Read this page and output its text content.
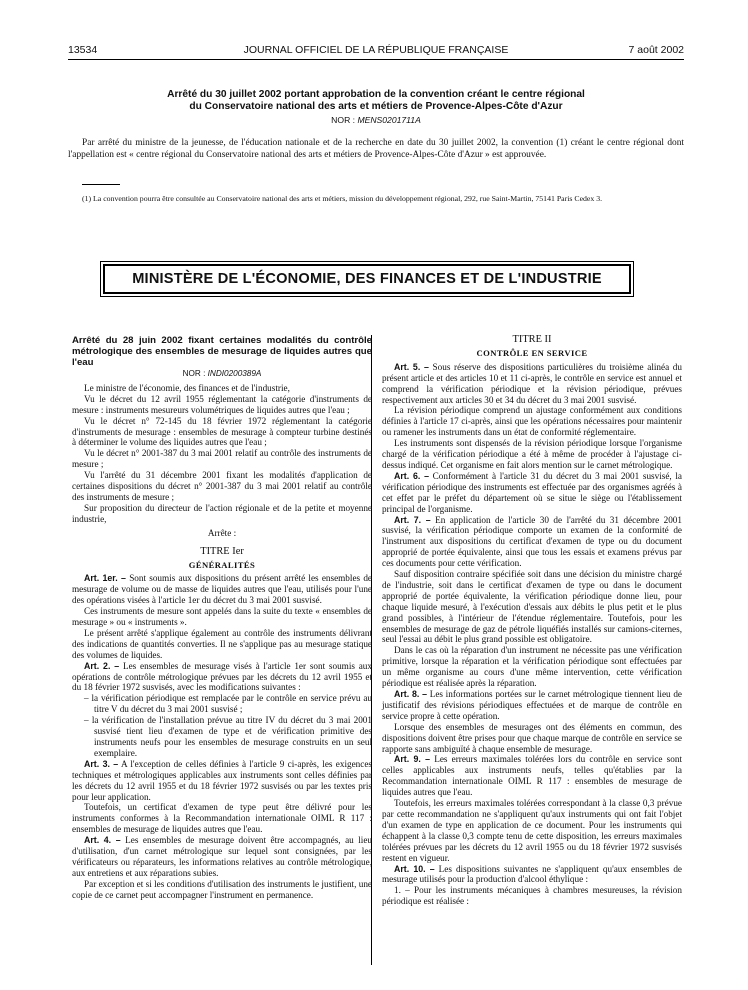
13534	JOURNAL OFFICIEL DE LA RÉPUBLIQUE FRANÇAISE	7 août 2002
Arrêté du 30 juillet 2002 portant approbation de la convention créant le centre régional
du Conservatoire national des arts et métiers de Provence-Alpes-Côte d'Azur
NOR : MENS0201711A

Par arrêté du ministre de la jeunesse, de l'éducation nationale et de la recherche en date du 30 juillet 2002, la convention (1) créant le centre régional dont l'appellation est « centre régional du Conservatoire national des arts et métiers de Provence-Alpes-Côte d'Azur » est approuvée.

(1) La convention pourra être consultée au Conservatoire national des arts et métiers, mission du développement régional, 292, rue Saint-Martin, 75141 Paris Cedex 3.

MINISTÈRE DE L'ÉCONOMIE, DES FINANCES ET DE L'INDUSTRIE

Arrêté du 28 juin 2002 fixant certaines modalités du contrôle métrologique des ensembles de mesurage de liquides autres que l'eau

NOR : INDI0200389A

Le ministre de l'économie, des finances et de l'industrie,

Vu le décret du 12 avril 1955 réglementant la catégorie d'instruments de mesure : instruments mesureurs volumétriques de liquides autres que l'eau ;

Vu le décret n° 72-145 du 18 février 1972 réglementant la catégorie d'instruments de mesurage : ensembles de mesurage à compteur turbine destinés à déterminer le volume des liquides autres que l'eau ;

Vu le décret n° 2001-387 du 3 mai 2001 relatif au contrôle des instruments de mesure ;

Vu l'arrêté du 31 décembre 2001 fixant les modalités d'application de certaines dispositions du décret n° 2001-387 du 3 mai 2001 relatif au contrôle des instruments de mesure ;

Sur proposition du directeur de l'action régionale et de la petite et moyenne industrie,

Arrête :

TITRE Ier

GÉNÉRALITÉS

Art. 1er. – Sont soumis aux dispositions du présent arrêté les ensembles de mesurage de volume ou de masse de liquides autres que l'eau, utilisés pour l'une des opérations visées à l'article 1er du décret du 3 mai 2001 susvisé.

Ces instruments de mesure sont appelés dans la suite du texte « ensembles de mesurage » ou « instruments ».

Le présent arrêté s'applique également au contrôle des instruments délivrant des indications de quantités converties. Il ne s'applique pas au mesurage statique des volumes de liquides.

Art. 2. – Les ensembles de mesurage visés à l'article 1er sont soumis aux opérations de contrôle métrologique prévues par les décrets du 12 avril 1955 et du 18 février 1972 susvisés, avec les modifications suivantes :

– la vérification périodique est remplacée par le contrôle en service prévu au titre V du décret du 3 mai 2001 susvisé ;

– la vérification de l'installation prévue au titre IV du décret du 3 mai 2001 susvisé tient lieu d'examen de type et de vérification primitive des instruments neufs pour les ensembles de mesurage construits en un seul exemplaire.

Art. 3. – A l'exception de celles définies à l'article 9 ci-après, les exigences techniques et métrologiques applicables aux instruments sont celles définies par les décrets du 12 avril 1955 et du 18 février 1972 susvisés ou par les textes pris pour leur application.

Toutefois, un certificat d'examen de type peut être délivré pour les instruments conformes à la Recommandation internationale OIML R 117 : ensembles de mesurage de liquides autres que l'eau.

Art. 4. – Les ensembles de mesurage doivent être accompagnés, au lieu d'utilisation, d'un carnet métrologique sur lequel sont consignées, par les vérificateurs ou réparateurs, les informations relatives au contrôle métrologique, aux entretiens et aux réparations subies.

Par exception et si les conditions d'utilisation des instruments le justifient, une copie de ce carnet peut accompagner l'instrument en permanence.

TITRE II

CONTRÔLE EN SERVICE

Art. 5. – Sous réserve des dispositions particulières du troisième alinéa du présent article et des articles 10 et 11 ci-après, le contrôle en service est annuel et comprend la vérification périodique et la révision périodique, prévues respectivement aux articles 30 et 34 du décret du 3 mai 2001 susvisé.

La révision périodique comprend un ajustage conformément aux conditions définies à l'article 17 ci-après, ainsi que les opérations nécessaires pour maintenir ou ramener les instruments dans un état de conformité réglementaire.

Les instruments sont dispensés de la révision périodique lorsque l'organisme chargé de la vérification périodique a été à même de procéder à l'ajustage ci-dessus indiqué. Cet organisme en fait alors mention sur le carnet métrologique.

Art. 6. – Conformément à l'article 31 du décret du 3 mai 2001 susvisé, la vérification périodique des instruments est effectuée par des organismes agréés à cet effet par le préfet du département où se situe le siège ou l'établissement principal de l'organisme.

Art. 7. – En application de l'article 30 de l'arrêté du 31 décembre 2001 susvisé, la vérification périodique comporte un examen de la conformité de l'instrument aux dispositions du certificat d'examen de type ou du document approprié de portée équivalente, ainsi que tous les essais et examens prévus par ces documents pour cette vérification.

Sauf disposition contraire spécifiée soit dans une décision du ministre chargé de l'industrie, soit dans le certificat d'examen de type ou dans le document approprié de portée équivalente, la vérification périodique donne lieu, pour chaque liquide mesuré, à l'exécution d'essais aux débits le plus petit et le plus grand possibles, à l'intérieur de l'étendue réglementaire. Toutefois, pour les ensembles de mesurage de gaz de pétrole liquéfiés installés sur camions-citernes, seul l'essai au débit le plus grand possible est obligatoire.

Dans le cas où la réparation d'un instrument ne nécessite pas une vérification primitive, lorsque la réparation et la vérification périodique sont effectuées par un même organisme au cours d'une même intervention, cette vérification périodique est réalisée après la réparation.

Art. 8. – Les informations portées sur le carnet métrologique tiennent lieu de justificatif des révisions périodiques effectuées et de marque de contrôle en service propre à cette opération.

Lorsque des ensembles de mesurages ont des éléments en commun, des dispositions doivent être prises pour que chaque marque de contrôle en service se rapporte sans ambiguïté à chaque ensemble de mesurage.

Art. 9. – Les erreurs maximales tolérées lors du contrôle en service sont celles applicables aux instruments neufs, telles qu'établies par la Recommandation internationale OIML R 117 : ensembles de mesurage de liquides autres que l'eau.

Toutefois, les erreurs maximales tolérées correspondant à la classe 0,3 prévue par cette recommandation ne s'appliquent qu'aux instruments qui ont fait l'objet d'un examen de type en application de ce document. Pour les instruments qui échappent à la classe 0,3 compte tenu de cette disposition, les erreurs maximales tolérées prévues par les décrets du 12 avril 1955 ou du 18 février 1972 susvisés restent en vigueur.

Art. 10. – Les dispositions suivantes ne s'appliquent qu'aux ensembles de mesurage utilisés pour la production d'alcool éthylique :

1. – Pour les instruments mécaniques à chambres mesureuses, la révision périodique est réalisée :
